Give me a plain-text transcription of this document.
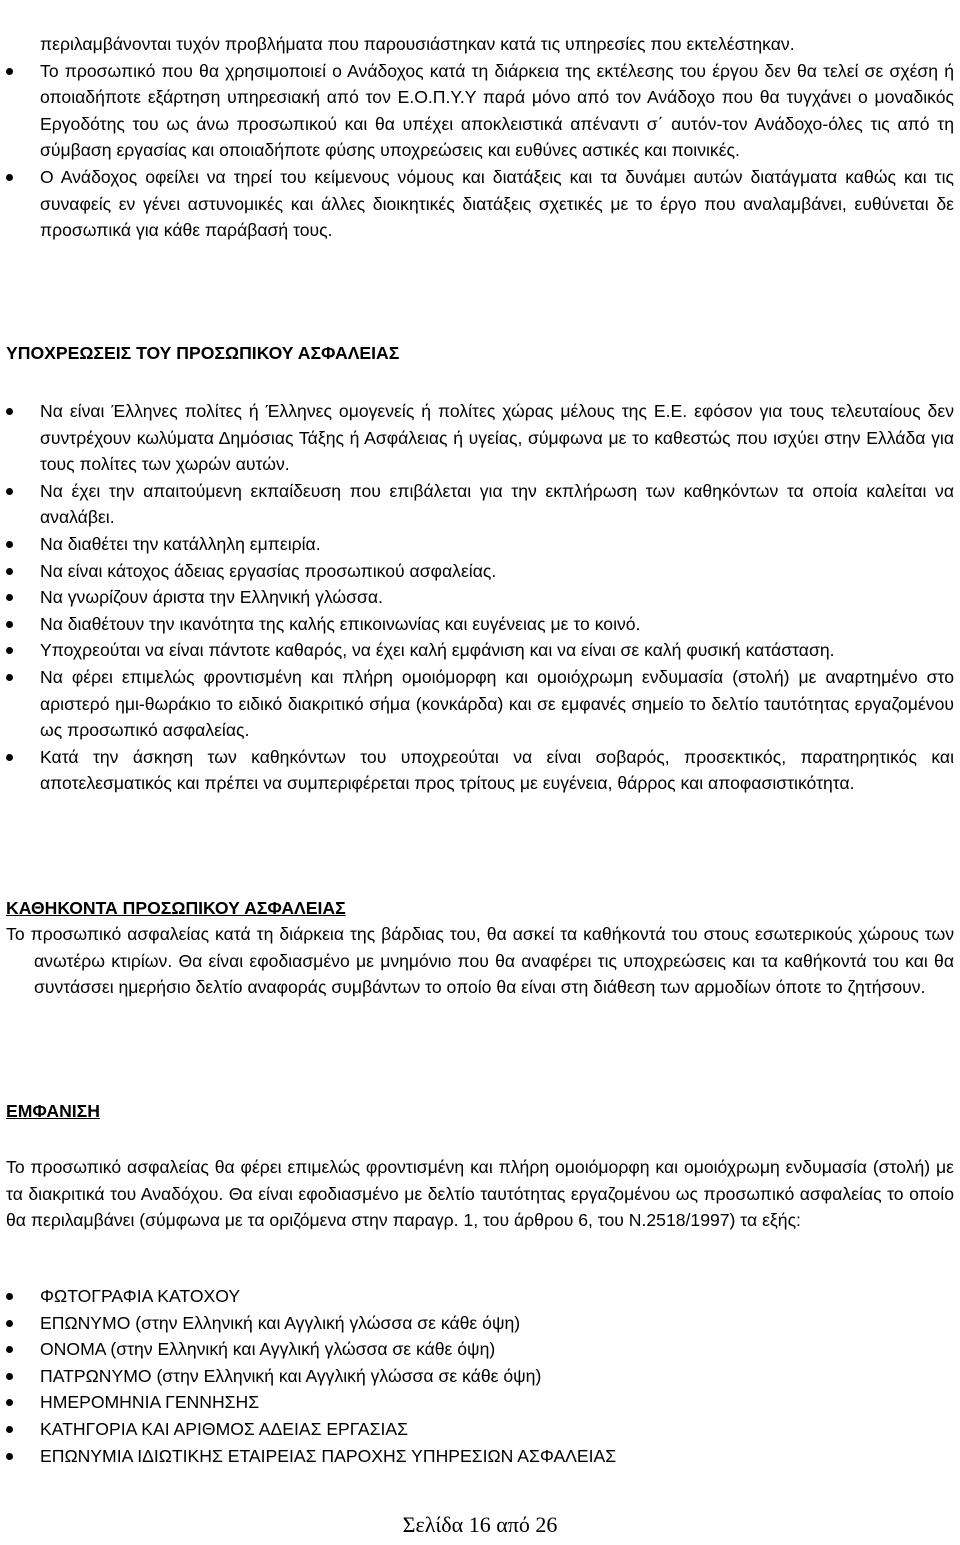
περιλαμβάνονται τυχόν προβλήματα που παρουσιάστηκαν κατά τις υπηρεσίες που εκτελέστηκαν.
Το προσωπικό που θα χρησιμοποιεί ο Ανάδοχος κατά τη διάρκεια της εκτέλεσης του έργου δεν θα τελεί σε σχέση ή οποιαδήποτε εξάρτηση υπηρεσιακή από τον Ε.Ο.Π.Υ.Υ παρά μόνο από τον Ανάδοχο που θα τυγχάνει ο μοναδικός Εργοδότης του ως άνω προσωπικού και θα υπέχει αποκλειστικά απέναντι σ΄ αυτόν-τον Ανάδοχο-όλες τις από τη σύμβαση εργασίας και οποιαδήποτε φύσης υποχρεώσεις και ευθύνες αστικές και ποινικές.
Ο Ανάδοχος οφείλει να τηρεί του κείμενους νόμους και διατάξεις και τα δυνάμει αυτών διατάγματα καθώς και τις συναφείς εν γένει αστυνομικές και άλλες διοικητικές διατάξεις σχετικές με το έργο που αναλαμβάνει, ευθύνεται δε προσωπικά για κάθε παράβασή τους.
ΥΠΟΧΡΕΩΣΕΙΣ ΤΟΥ ΠΡΟΣΩΠΙΚΟΥ ΑΣΦΑΛΕΙΑΣ
Να είναι Έλληνες πολίτες ή Έλληνες ομογενείς ή πολίτες χώρας μέλους της Ε.Ε. εφόσον για τους τελευταίους δεν συντρέχουν κωλύματα Δημόσιας Τάξης ή Ασφάλειας ή υγείας, σύμφωνα με το καθεστώς που ισχύει στην Ελλάδα για τους πολίτες των χωρών αυτών.
Να έχει την απαιτούμενη εκπαίδευση που επιβάλεται για την εκπλήρωση των καθηκόντων τα οποία καλείται να αναλάβει.
Να διαθέτει την κατάλληλη εμπειρία.
Να είναι κάτοχος άδειας εργασίας προσωπικού ασφαλείας.
Να γνωρίζουν άριστα την Ελληνική γλώσσα.
Να διαθέτουν την ικανότητα της καλής επικοινωνίας και ευγένειας με το κοινό.
Υποχρεούται να είναι πάντοτε καθαρός, να έχει καλή εμφάνιση και να είναι σε καλή φυσική κατάσταση.
Να φέρει επιμελώς φροντισμένη και πλήρη ομοιόμορφη και ομοιόχρωμη ενδυμασία (στολή) με αναρτημένο στο αριστερό ημι-θωράκιο το ειδικό διακριτικό σήμα (κονκάρδα) και σε εμφανές σημείο το δελτίο ταυτότητας εργαζομένου ως προσωπικό ασφαλείας.
Κατά την άσκηση των καθηκόντων του υποχρεούται να είναι σοβαρός, προσεκτικός, παρατηρητικός και αποτελεσματικός και πρέπει να συμπεριφέρεται προς τρίτους με ευγένεια, θάρρος και αποφασιστικότητα.
ΚΑΘΗΚΟΝΤΑ ΠΡΟΣΩΠΙΚΟΥ ΑΣΦΑΛΕΙΑΣ
Το προσωπικό ασφαλείας κατά τη διάρκεια της βάρδιας του, θα ασκεί τα καθήκοντά του στους εσωτερικούς χώρους των ανωτέρω κτιρίων. Θα είναι εφοδιασμένο με μνημόνιο που θα αναφέρει τις υποχρεώσεις και τα καθήκοντά του και θα συντάσσει ημερήσιο δελτίο αναφοράς συμβάντων το οποίο θα είναι στη διάθεση των αρμοδίων όποτε το ζητήσουν.
ΕΜΦΑΝΙΣΗ
Το προσωπικό ασφαλείας θα φέρει επιμελώς φροντισμένη και πλήρη ομοιόμορφη και ομοιόχρωμη ενδυμασία (στολή) με τα διακριτικά του Αναδόχου. Θα είναι εφοδιασμένο με δελτίο ταυτότητας εργαζομένου ως προσωπικό ασφαλείας το οποίο θα περιλαμβάνει (σύμφωνα με τα οριζόμενα στην παραγρ. 1, του άρθρου 6, του Ν.2518/1997) τα εξής:
ΦΩΤΟΓΡΑΦΙΑ ΚΑΤΟΧΟΥ
ΕΠΩΝΥΜΟ (στην Ελληνική και Αγγλική γλώσσα σε κάθε όψη)
ΟΝΟΜΑ (στην Ελληνική και Αγγλική γλώσσα σε κάθε όψη)
ΠΑΤΡΩΝΥΜΟ (στην Ελληνική και Αγγλική γλώσσα σε κάθε όψη)
ΗΜΕΡΟΜΗΝΙΑ ΓΕΝΝΗΣΗΣ
ΚΑΤΗΓΟΡΙΑ ΚΑΙ ΑΡΙΘΜΟΣ ΑΔΕΙΑΣ ΕΡΓΑΣΙΑΣ
ΕΠΩΝΥΜΙΑ ΙΔΙΩΤΙΚΗΣ ΕΤΑΙΡΕΙΑΣ ΠΑΡΟΧΗΣ ΥΠΗΡΕΣΙΩΝ ΑΣΦΑΛΕΙΑΣ
Σελίδα 16 από 26
